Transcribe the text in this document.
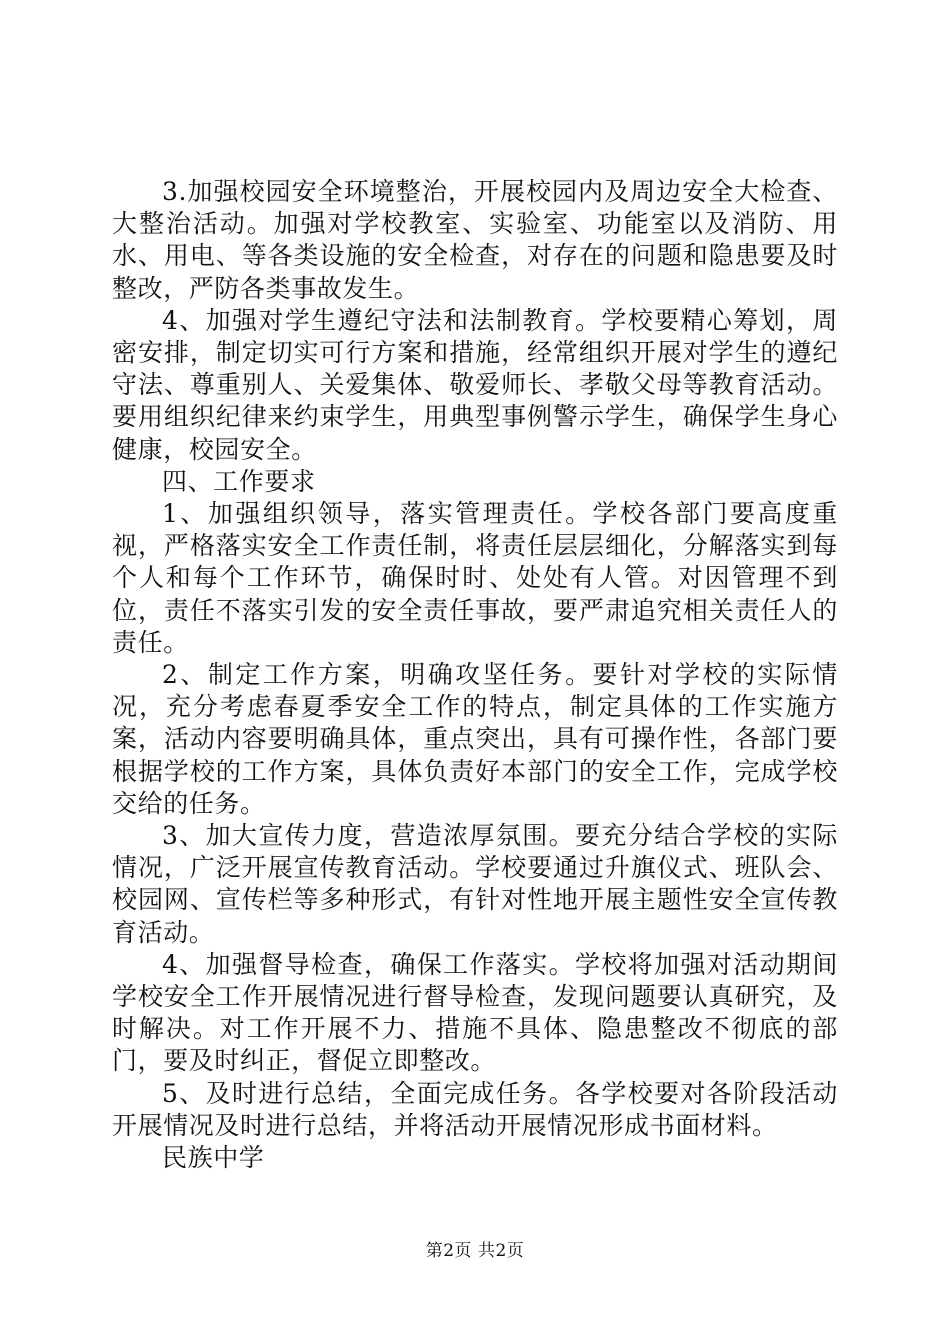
3.加强校园安全环境整治，开展校园内及周边安全大检查、大整治活动。加强对学校教室、实验室、功能室以及消防、用水、用电、等各类设施的安全检查，对存在的问题和隐患要及时整改，严防各类事故发生。

4、加强对学生遵纪守法和法制教育。学校要精心筹划，周密安排，制定切实可行方案和措施，经常组织开展对学生的遵纪守法、尊重别人、关爱集体、敬爱师长、孝敬父母等教育活动。要用组织纪律来约束学生，用典型事例警示学生，确保学生身心健康，校园安全。

四、工作要求

1、加强组织领导，落实管理责任。学校各部门要高度重视，严格落实安全工作责任制，将责任层层细化，分解落实到每个人和每个工作环节，确保时时、处处有人管。对因管理不到位，责任不落实引发的安全责任事故，要严肃追究相关责任人的责任。

2、制定工作方案，明确攻坚任务。要针对学校的实际情况，充分考虑春夏季安全工作的特点，制定具体的工作实施方案，活动内容要明确具体，重点突出，具有可操作性，各部门要根据学校的工作方案，具体负责好本部门的安全工作，完成学校交给的任务。

3、加大宣传力度，营造浓厚氛围。要充分结合学校的实际情况，广泛开展宣传教育活动。学校要通过升旗仪式、班队会、校园网、宣传栏等多种形式，有针对性地开展主题性安全宣传教育活动。

4、加强督导检查，确保工作落实。学校将加强对活动期间学校安全工作开展情况进行督导检查，发现问题要认真研究，及时解决。对工作开展不力、措施不具体、隐患整改不彻底的部门，要及时纠正，督促立即整改。

5、及时进行总结，全面完成任务。各学校要对各阶段活动开展情况及时进行总结，并将活动开展情况形成书面材料。

民族中学

第2页 共2页
